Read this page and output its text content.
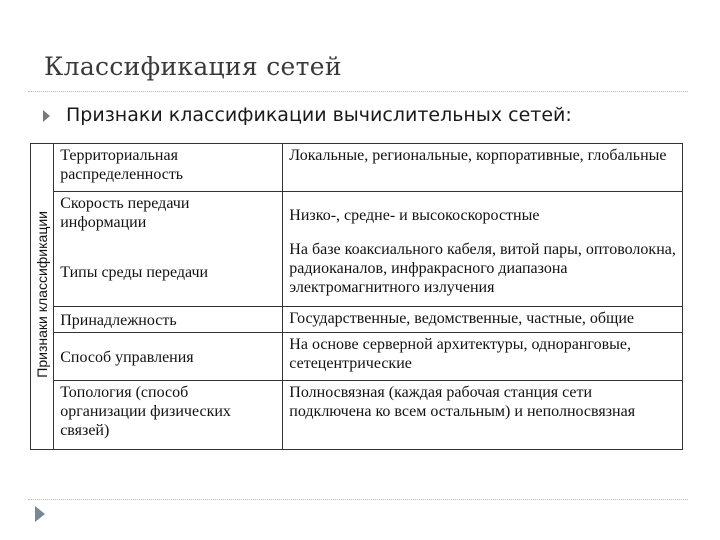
Классификация сетей
Признаки классификации вычислительных сетей:
Признаки классификации	Территориальная распределенность	Локальные, региональные, корпоративные, глобальные
	Скорость передачи информации	Низко-, средне- и высокоскоростные
	Типы среды передачи	На базе коаксиального кабеля, витой пары, оптоволокна, радиоканалов, инфракрасного диапазона электромагнитного излучения
	Принадлежность	Государственные, ведомственные, частные, общие
	Способ управления	На основе серверной архитектуры, одноранговые, сетецентрические
	Топология (способ организации физических связей)	Полносвязная (каждая рабочая станция сети подключена ко всем остальным) и неполносвязная
